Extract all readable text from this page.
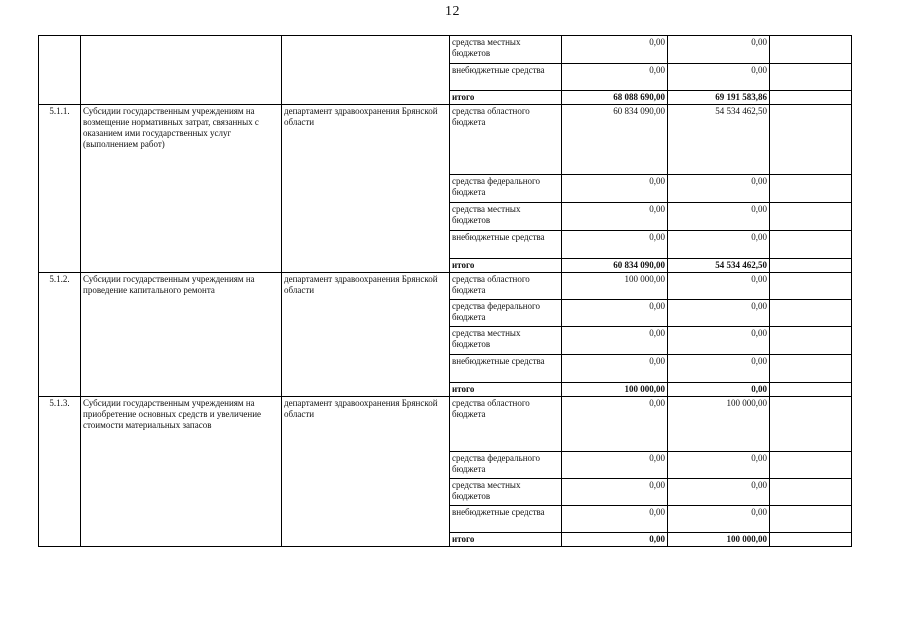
12
			средства местных бюджетов	0,00	0,00	
			внебюджетные средства	0,00	0,00	
			итого	68 088 690,00	69 191 583,86	
5.1.1.	Субсидии государственным учреждениям на возмещение нормативных затрат, связанных с оказанием ими государственных услуг (выполнением работ)	департамент здравоохранения Брянской области	средства областного бюджета	60 834 090,00	54 534 462,50	
			средства федерального бюджета	0,00	0,00	
			средства местных бюджетов	0,00	0,00	
			внебюджетные средства	0,00	0,00	
			итого	60 834 090,00	54 534 462,50	
5.1.2.	Субсидии государственным учреждениям на проведение капитального ремонта	департамент здравоохранения Брянской области	средства областного бюджета	100 000,00	0,00	
			средства федерального бюджета	0,00	0,00	
			средства местных бюджетов	0,00	0,00	
			внебюджетные средства	0,00	0,00	
			итого	100 000,00	0,00	
5.1.3.	Субсидии государственным учреждениям на приобретение основных средств и увеличение стоимости материальных запасов	департамент здравоохранения Брянской области	средства областного бюджета	0,00	100 000,00	
			средства федерального бюджета	0,00	0,00	
			средства местных бюджетов	0,00	0,00	
			внебюджетные средства	0,00	0,00	
			итого	0,00	100 000,00	
